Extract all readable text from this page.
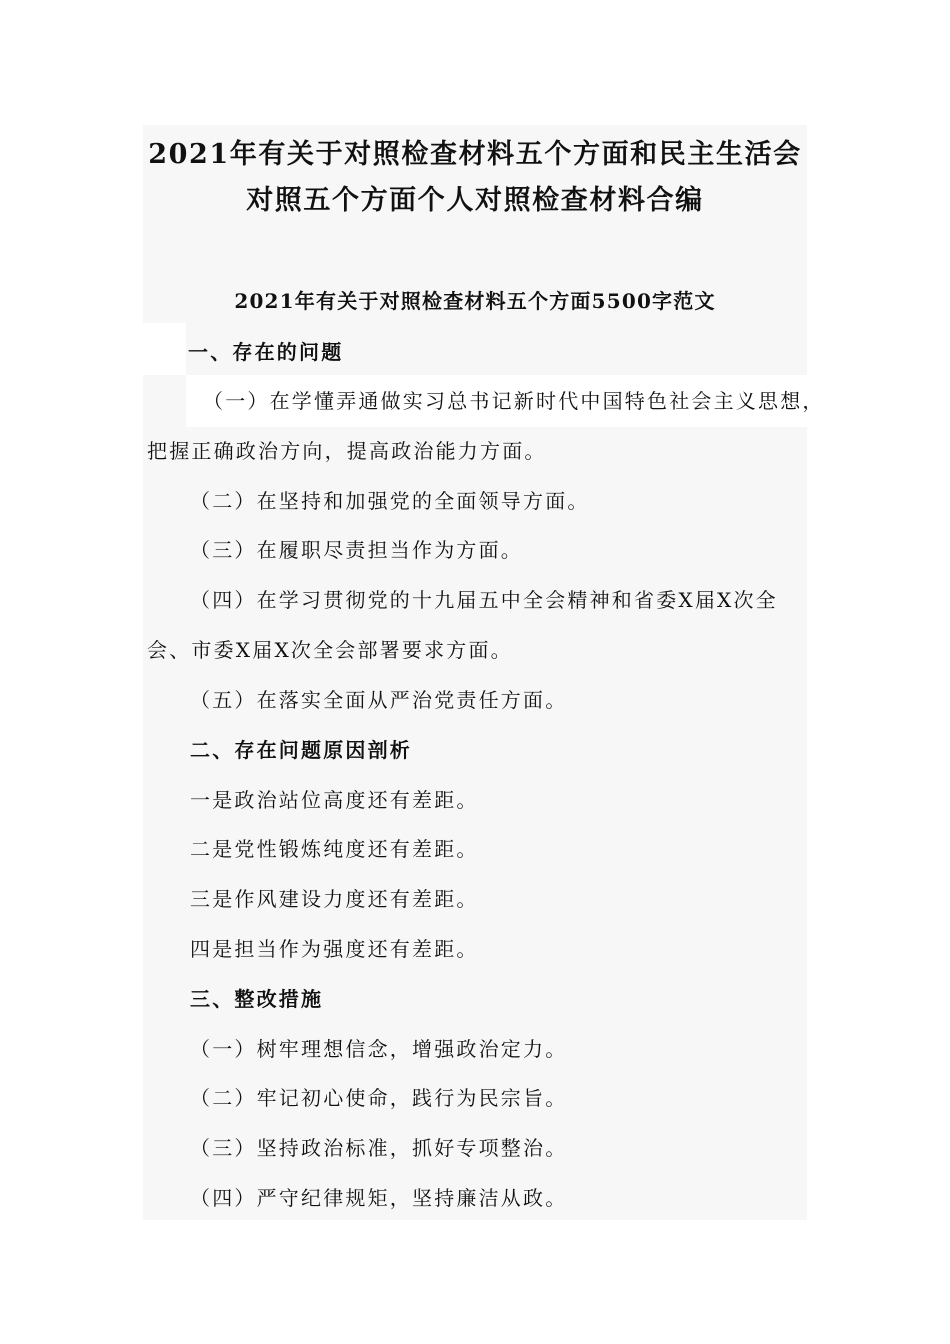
2021年有关于对照检查材料五个方面和民主生活会
对照五个方面个人对照检查材料合编
2021年有关于对照检查材料五个方面5500字范文
一、存在的问题
（一）在学懂弄通做实习总书记新时代中国特色社会主义思想，
把握正确政治方向，提高政治能力方面。
（二）在坚持和加强党的全面领导方面。
（三）在履职尽责担当作为方面。
（四）在学习贯彻党的十九届五中全会精神和省委X届X次全
会、市委X届X次全会部署要求方面。
（五）在落实全面从严治党责任方面。
二、存在问题原因剖析
一是政治站位高度还有差距。
二是党性锻炼纯度还有差距。
三是作风建设力度还有差距。
四是担当作为强度还有差距。
三、整改措施
（一）树牢理想信念，增强政治定力。
（二）牢记初心使命，践行为民宗旨。
（三）坚持政治标准，抓好专项整治。
（四）严守纪律规矩，坚持廉洁从政。
